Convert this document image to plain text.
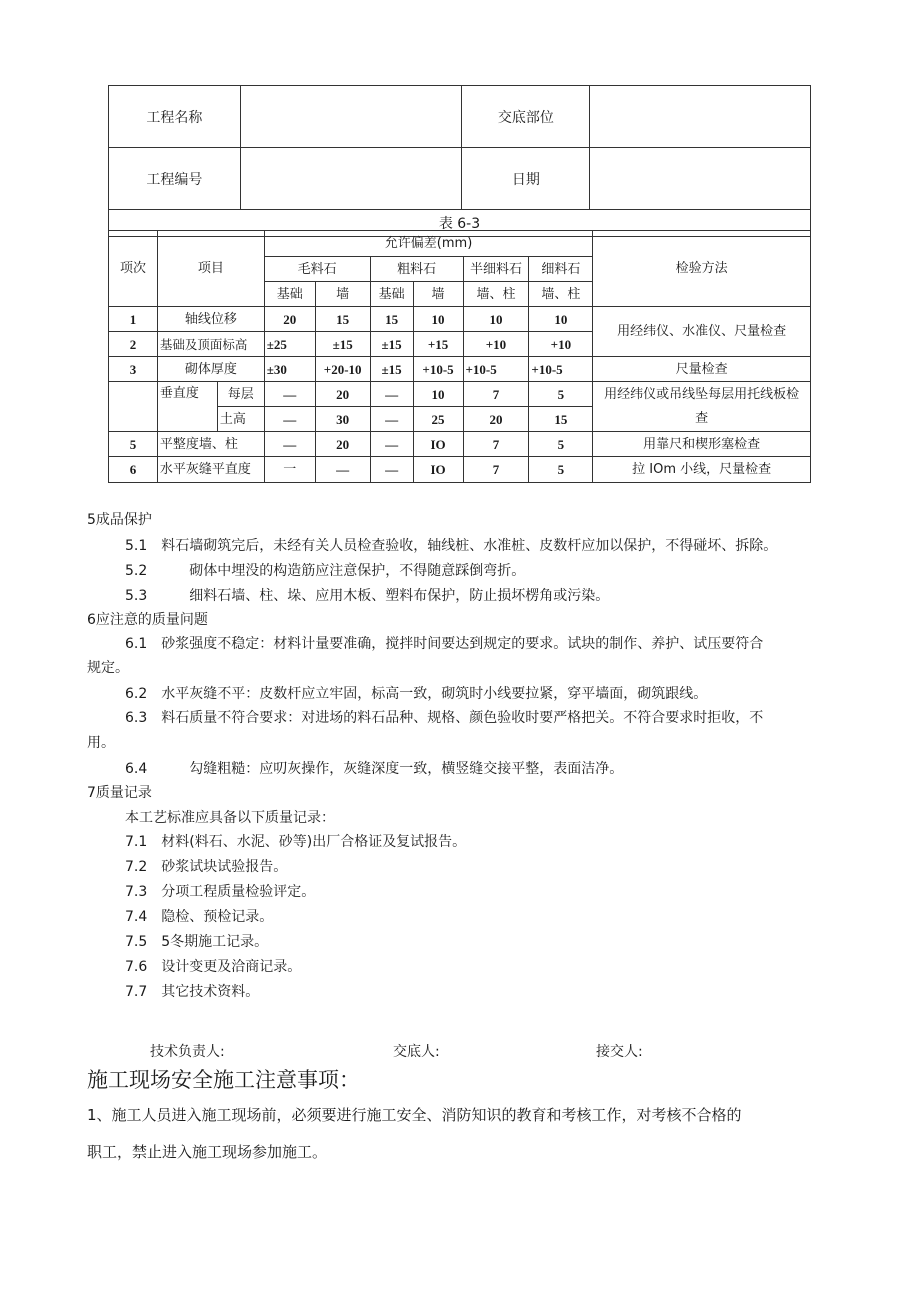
工程名称		交底部位	
工程编号		日期	
表 6-3			
项次	项目		允许偏差(mm)						检验方法
			毛料石		粗料石		半细料石	细料石	
			基础	墙	基础	墙	墙、柱	墙、柱	
1	轴线位移		20	15	15	10	10	10	用经纬仪、水准仪、尺量检查
2	基础及顶面标高		±25	±15	±15	+15	+10	+10	
3	砌体厚度		±30	+20-10	±15	+10-5	+10-5	+10-5	尺量检查
	垂直度	每层	—	20	—	10	7	5	用经纬仪或吊线坠每层用托线板检
查

		土高	—	30	—	25	20	15	
5	平整度墙、柱		—	20	—	IO	7	5	用靠尺和楔形塞检查
6	水平灰缝平直度		一	—	—	IO	7	5	拉 IOm 小线，尺量检查
5成品保护
5.1　料石墙砌筑完后，未经有关人员检查验收，轴线桩、水准桩、皮数杆应加以保护，不得碰坏、拆除。
5.2　　　砌体中埋没的构造筋应注意保护，不得随意踩倒弯折。
5.3　　　细料石墙、柱、垛、应用木板、塑料布保护，防止损坏楞角或污染。
6应注意的质量问题
6.1　砂浆强度不稳定：材料计量要准确，搅拌时间要达到规定的要求。试块的制作、养护、试压要符合
规定。
6.2　水平灰缝不平：皮数杆应立牢固，标高一致，砌筑时小线要拉紧，穿平墙面，砌筑跟线。
6.3　料石质量不符合要求：对进场的料石品种、规格、颜色验收时要严格把关。不符合要求时拒收，不
用。
6.4　　　勾缝粗糙：应叨灰操作，灰缝深度一致，横竖缝交接平整，表面洁净。
7质量记录
本工艺标准应具备以下质量记录：
7.1　材料(料石、水泥、砂等)出厂合格证及复试报告。
7.2　砂浆试块试验报告。
7.3　分项工程质量检验评定。
7.4　隐检、预检记录。
7.5　5冬期施工记录。
7.6　设计变更及洽商记录。
7.7　其它技术资料。
技术负责人:	交底人:	接交人:
施工现场安全施工注意事项：
1、施工人员进入施工现场前，必须要进行施工安全、消防知识的教育和考核工作，对考核不合格的
职工，禁止进入施工现场参加施工。
